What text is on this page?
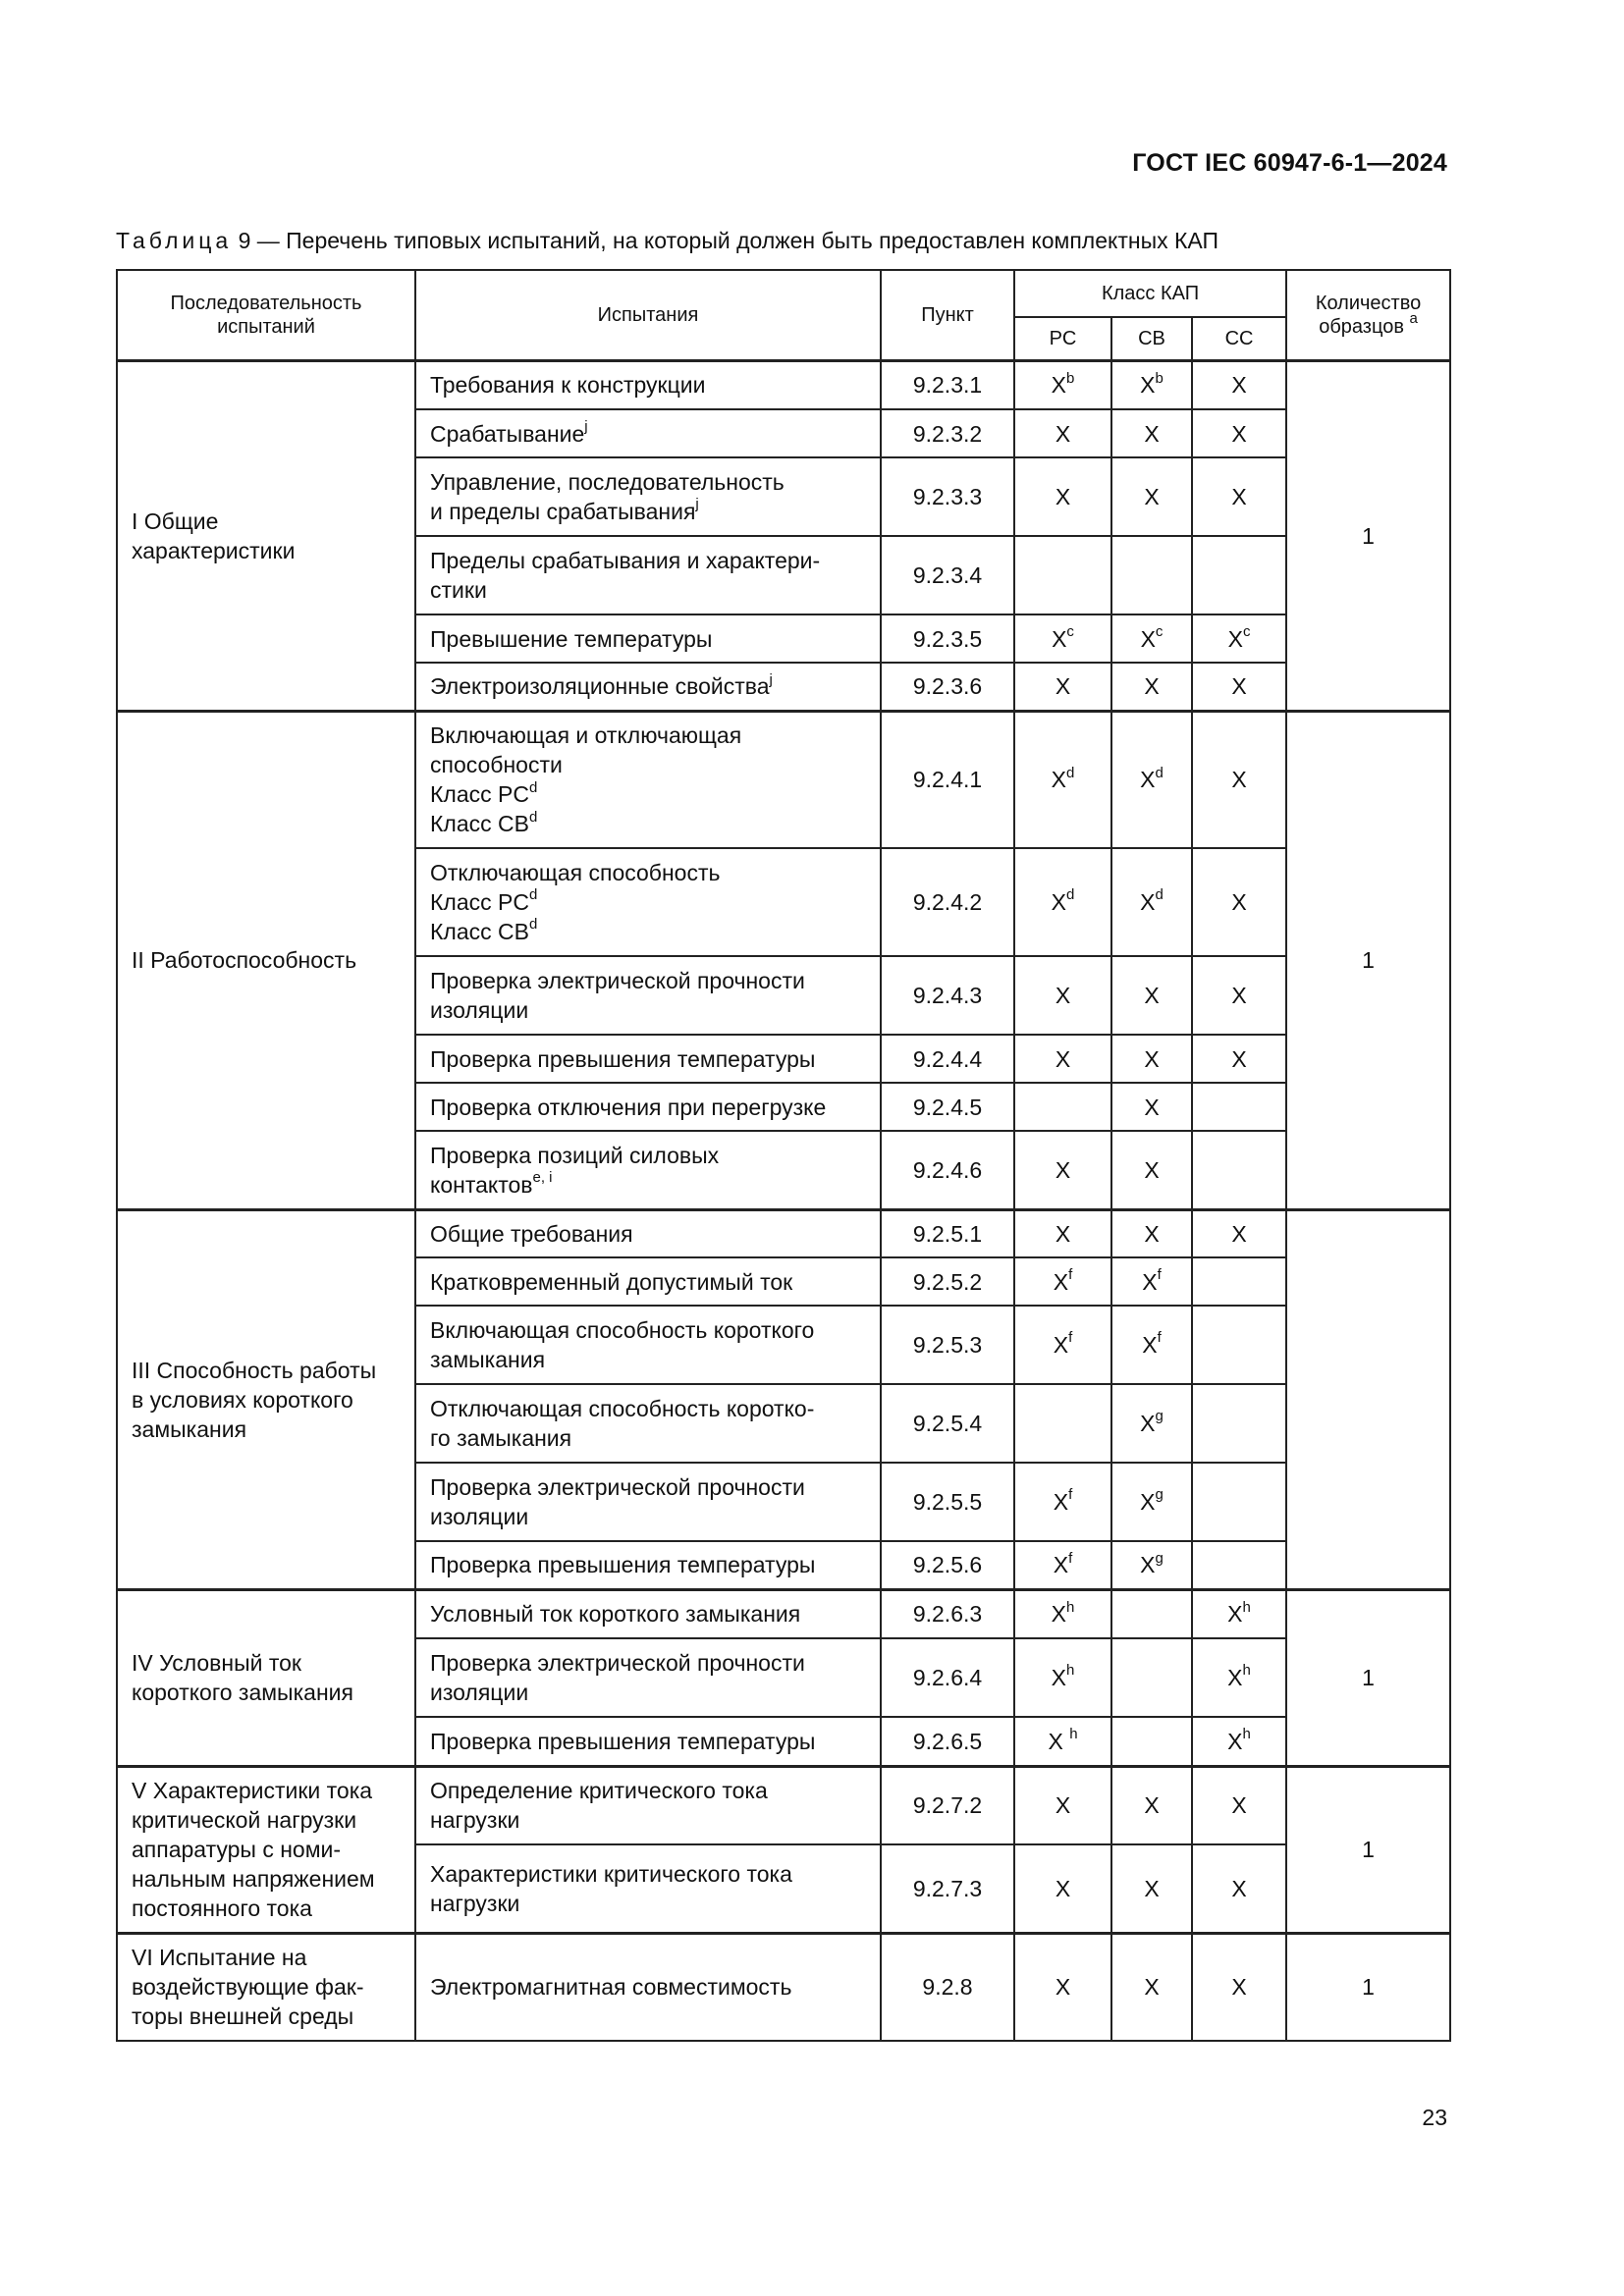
ГОСТ IEC 60947-6-1—2024
Таблица 9 — Перечень типовых испытаний, на который должен быть предоставлен комплектных КАП
Последовательность испытаний	Испытания	Пункт	Класс КАП			Количество образцов $^a$
			PC	CB	CC	

I Общие
характеристики	Требования к конструкции	9.2.3.1	$X^b$	$X^b$	X	1

	Срабатывание$^j$	9.2.3.2	X	X	X	

	Управление, последовательность
и пределы срабатывания$^j$	9.2.3.3	X	X	X	

	Пределы срабатывания и характери-
стики	9.2.3.4				

	Превышение температуры	9.2.3.5	$X^c$	$X^c$	$X^c$

	Электроизоляционные свойства$^j$	9.2.3.6	X	X	X	

II Работоспособность	Включающая и отключающая
способности
Класс $PC^d$
Класс $CB^d$	9.2.4.1	$X^d$	$X^d$	X	1

	Отключающая способность
Класс $PC^d$
Класс $CB^d$	9.2.4.2	$X^d$	$X^d$	X	

	Проверка электрической прочности
изоляции	9.2.4.3	X	X	X	

	Проверка превышения температуры	9.2.4.4	X	X	X	

	Проверка отключения при перегрузке	9.2.4.5		X		

	Проверка позиций силовых
контактов$^{e, i}$	9.2.4.6	X	X		

III Способность работы
в условиях короткого
замыкания	Общие требования	9.2.5.1	X	X	X	

	Кратковременный допустимый ток	9.2.5.2	$X^f$	$X^f$	

	Включающая способность короткого
замыкания	9.2.5.3	$X^f$	$X^f$	

	Отключающая способность коротко-
го замыкания	9.2.5.4		$X^g$	

	Проверка электрической прочности
изоляции	9.2.5.5	$X^f$	$X^g$	

	Проверка превышения температуры	9.2.5.6	$X^f$	$X^g$	

IV Условный ток
короткого замыкания	Условный ток короткого замыкания	9.2.6.3	$X^h$		$X^h$	1

	Проверка электрической прочности
изоляции	9.2.6.4	$X^h$		$X^h$

	Проверка превышения температуры	9.2.6.5	X $^h$		$X^h$

V Характеристики тока
критической нагрузки
аппаратуры с номи-
нальным напряжением
постоянного тока	Определение критического тока
нагрузки	9.2.7.2	X	X	X	1

	Характеристики критического тока
нагрузки	9.2.7.3	X	X	X	

VI Испытание на
воздействующие фак-
торы внешней среды	Электромагнитная совместимость	9.2.8	X	X	X	1
23
